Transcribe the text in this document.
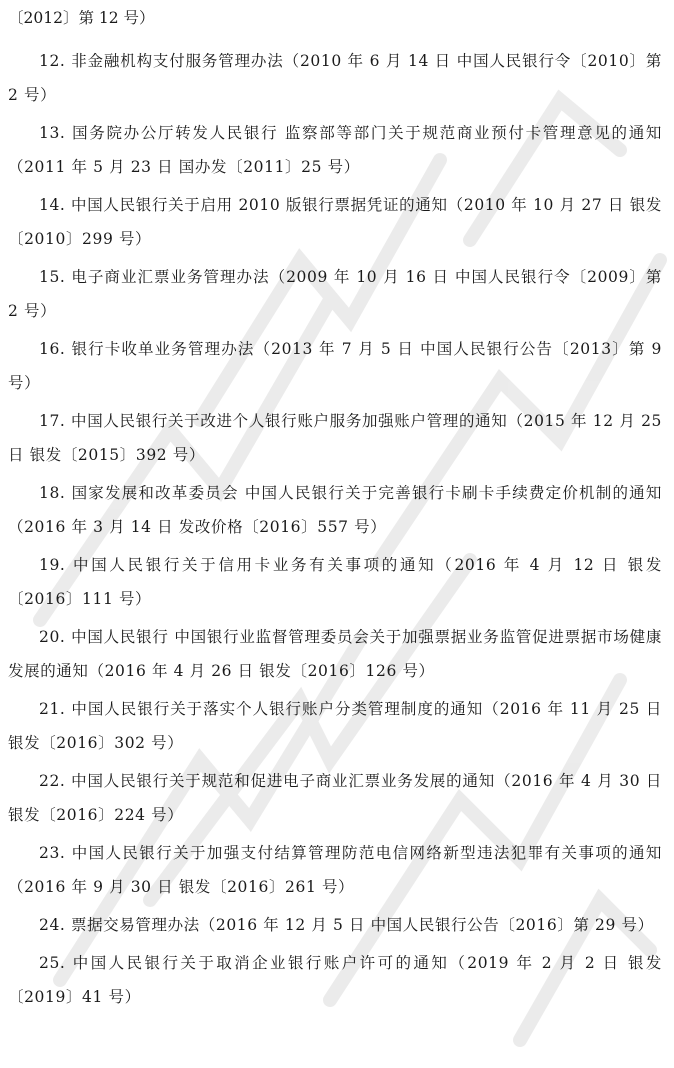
〔2012〕第 12 号）

12. 非金融机构支付服务管理办法（2010 年 6 月 14 日 中国人民银行令〔2010〕第 2 号）

13. 国务院办公厅转发人民银行 监察部等部门关于规范商业预付卡管理意见的通知（2011 年 5 月 23 日 国办发〔2011〕25 号）

14. 中国人民银行关于启用 2010 版银行票据凭证的通知（2010 年 10 月 27 日 银发〔2010〕299 号）

15. 电子商业汇票业务管理办法（2009 年 10 月 16 日 中国人民银行令〔2009〕第 2 号）

16. 银行卡收单业务管理办法（2013 年 7 月 5 日 中国人民银行公告〔2013〕第 9 号）

17. 中国人民银行关于改进个人银行账户服务加强账户管理的通知（2015 年 12 月 25 日 银发〔2015〕392 号）

18. 国家发展和改革委员会 中国人民银行关于完善银行卡刷卡手续费定价机制的通知（2016 年 3 月 14 日 发改价格〔2016〕557 号）

19. 中国人民银行关于信用卡业务有关事项的通知（2016 年 4 月 12 日 银发〔2016〕111 号）

20. 中国人民银行 中国银行业监督管理委员会关于加强票据业务监管促进票据市场健康发展的通知（2016 年 4 月 26 日 银发〔2016〕126 号）

21. 中国人民银行关于落实个人银行账户分类管理制度的通知（2016 年 11 月 25 日 银发〔2016〕302 号）

22. 中国人民银行关于规范和促进电子商业汇票业务发展的通知（2016 年 4 月 30 日 银发〔2016〕224 号）

23. 中国人民银行关于加强支付结算管理防范电信网络新型违法犯罪有关事项的通知（2016 年 9 月 30 日 银发〔2016〕261 号）

24. 票据交易管理办法（2016 年 12 月 5 日 中国人民银行公告〔2016〕第 29 号）

25. 中国人民银行关于取消企业银行账户许可的通知（2019 年 2 月 2 日 银发〔2019〕41 号）
